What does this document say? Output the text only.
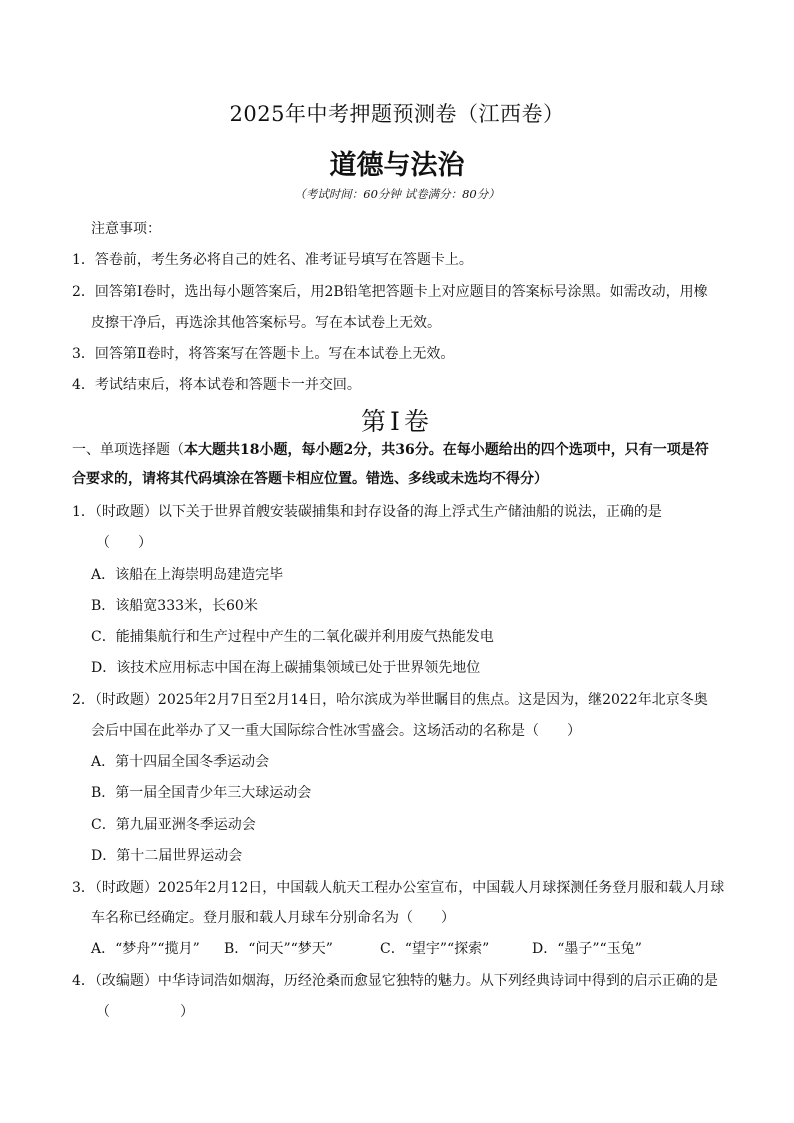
2025年中考押题预测卷（江西卷）
道德与法治
（考试时间：60分钟 试卷满分：80分）
注意事项：
1．答卷前，考生务必将自己的姓名、准考证号填写在答题卡上。
2．回答第Ⅰ卷时，选出每小题答案后，用2B铅笔把答题卡上对应题目的答案标号涂黑。如需改动，用橡
皮擦干净后，再选涂其他答案标号。写在本试卷上无效。
3．回答第Ⅱ卷时，将答案写在答题卡上。写在本试卷上无效。
4．考试结束后，将本试卷和答题卡一并交回。
第Ⅰ卷
一、单项选择题（本大题共18小题，每小题2分，共36分。在每小题给出的四个选项中，只有一项是符
合要求的，请将其代码填涂在答题卡相应位置。错选、多线或未选均不得分）
1．（时政题）以下关于世界首艘安装碳捕集和封存设备的海上浮式生产储油船的说法，正确的是
（　　）
A．该船在上海崇明岛建造完毕
B．该船宽333米，长60米
C．能捕集航行和生产过程中产生的二氧化碳并利用废气热能发电
D．该技术应用标志中国在海上碳捕集领域已处于世界领先地位
2．（时政题）2025年2月7日至2月14日，哈尔滨成为举世瞩目的焦点。这是因为，继2022年北京冬奥
会后中国在此举办了又一重大国际综合性冰雪盛会。这场活动的名称是（　　）
A．第十四届全国冬季运动会
B．第一届全国青少年三大球运动会
C．第九届亚洲冬季运动会
D．第十二届世界运动会
3．（时政题）2025年2月12日，中国载人航天工程办公室宣布，中国载人月球探测任务登月服和载人月球
车名称已经确定。登月服和载人月球车分别命名为（　　）
A．“梦舟”“揽月” B．“问天”“梦天”	C．“望宇”“探索”	D．“墨子”“玉兔”
4．（改编题）中华诗词浩如烟海，历经沧桑而愈显它独特的魅力。从下列经典诗词中得到的启示正确的是
（　　　　　）
